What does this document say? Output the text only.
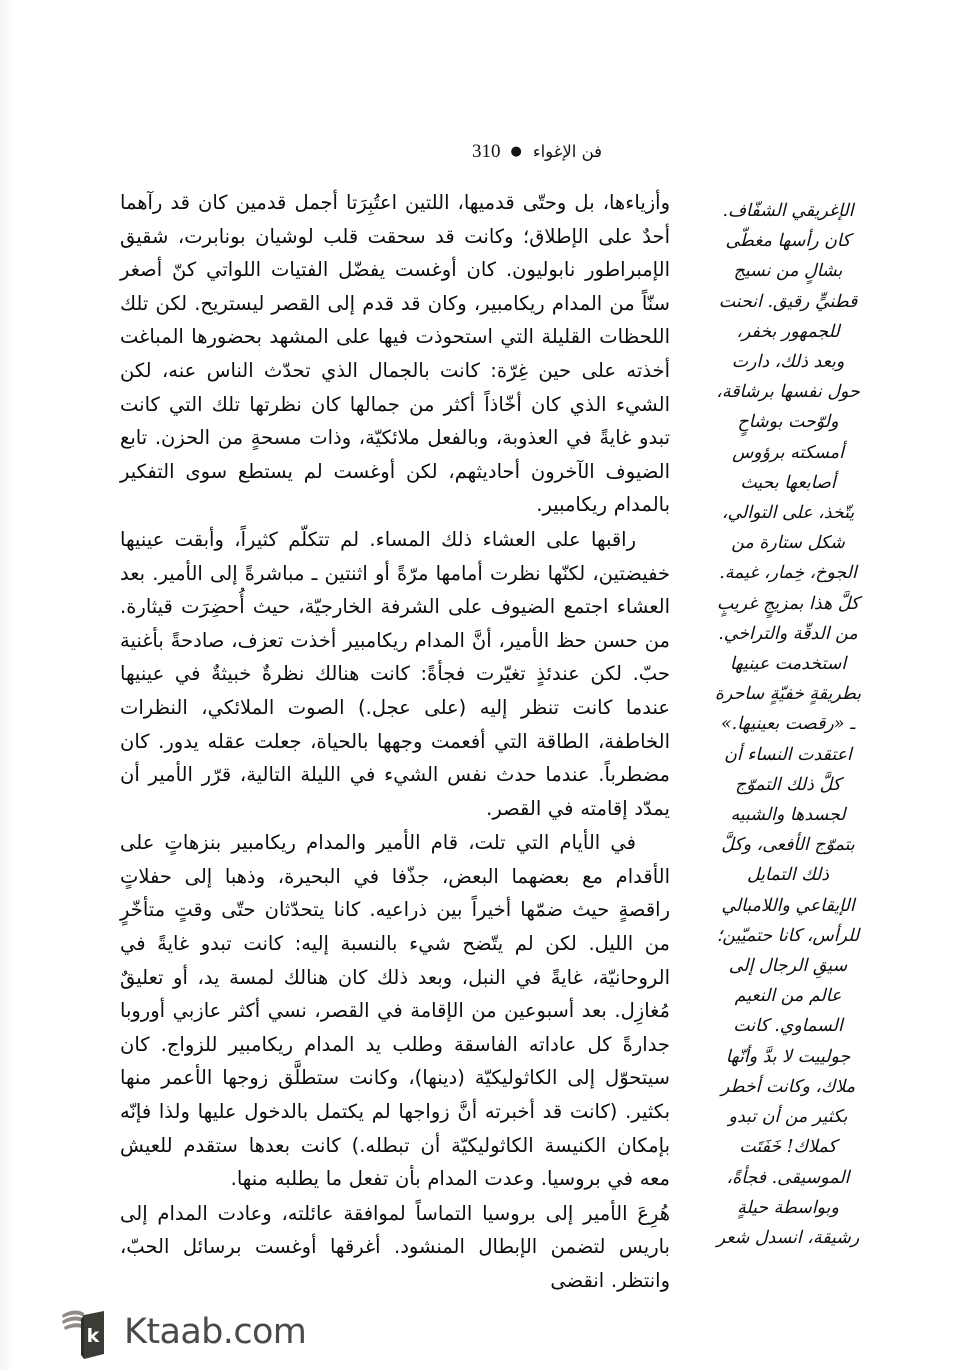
فن الإغواء●310

وأزياءها، بل وحتّى قدميها، اللتين اعتُبِرَتا أجمل قدمين كان قد رآهما أحدٌ على الإطلاق؛ وكانت قد سحقت قلب لوشيان بونابرت، شقيق الإمبراطور نابوليون. كان أوغست يفضّل الفتيات اللواتي كنّ أصغر سنّاً من المدام ريكامبير، وكان قد قدم إلى القصر ليستريح. لكن تلك اللحظات القليلة التي استحوذت فيها على المشهد بحضورها المباغت أخذته على حين غِرّة: كانت بالجمال الذي تحدّث الناس عنه، لكن الشيء الذي كان أخّاذاً أكثر من جمالها كان نظرتها تلك التي كانت تبدو غايةً في العذوبة، وبالفعل ملائكيّة، وذات مسحةٍ من الحزن. تابع الضيوف الآخرون أحاديثهم، لكن أوغست لم يستطع سوى التفكير بالمدام ريكامبير.

راقبها على العشاء ذلك المساء. لم تتكلّم كثيراً، وأبقت عينيها خفيضتين، لكنّها نظرت أمامها مرّةً أو اثنتين ـ مباشرةً إلى الأمير. بعد العشاء اجتمع الضيوف على الشرفة الخارجيّة، حيث أُحضِرَت قيثارة. من حسن حظ الأمير، أنَّ المدام ريكامبير أخذت تعزف، صادحةً بأغنية حبّ. لكن عندئذٍ تغيّرت فجأةً: كانت هنالك نظرةٌ خبيثةٌ في عينيها عندما كانت تنظر إليه (على عجل.) الصوت الملائكي، النظرات الخاطفة، الطاقة التي أفعمت وجهها بالحياة، جعلت عقله يدور. كان مضطرباً. عندما حدث نفس الشيء في الليلة التالية، قرّر الأمير أن يمدّد إقامته في القصر.

في الأيام التي تلت، قام الأمير والمدام ريكامبير بنزهاتٍ على الأقدام مع بعضهما البعض، جذّفا في البحيرة، وذهبا إلى حفلاتٍ راقصةٍ حيث ضمّها أخيراً بين ذراعيه. كانا يتحدّثان حتّى وقتٍ متأخّرٍ من الليل. لكن لم يتّضح شيء بالنسبة إليه: كانت تبدو غايةً في الروحانيّة، غايةً في النبل، وبعد ذلك كان هنالك لمسة يد، أو تعليقٌ مُغازِل. بعد أسبوعين من الإقامة في القصر، نسي أكثر عازبي أوروبا جدارةً كل عاداته الفاسقة وطلب يد المدام ريكامبير للزواج. كان سيتحوّل إلى الكاثوليكيّة (دينها)، وكانت ستطلَّق زوجها الأعمر منها بكثير. (كانت قد أخبرته أنَّ زواجها لم يكتمل بالدخول عليها ولذا فإنّه بإمكان الكنيسة الكاثوليكيّة أن تبطله.) كانت بعدها ستقدم للعيش معه في بروسيا. وعدت المدام بأن تفعل ما يطلبه منها.

هُرِعَ الأمير إلى بروسيا التماساً لموافقة عائلته، وعادت المدام إلى باريس لتضمن الإبطال المنشود. أغرقها أوغست برسائل الحبّ، وانتظر. انقضى

الإغريقي الشفّاف.

كان رأسها مغطّى

بشالٍ من نسيج

قطنيٍّ رقيق. انحنت

للجمهور بخفر،

وبعد ذلك، دارت

حول نفسها برشاقة،

ولوّحت بوشاحٍ

أمسكته برؤوس

أصابعها بحيث

يتّخذ، على التوالي،

شكل ستارة من

الجوخ، خِمار، غيمة.

كلَّ هذا بمزيجٍ غريبٍ

من الدقّة والتراخي.

استخدمت عينيها

بطريقةٍ خفيّةٍ ساحرة

ـ «رقصت بعينيها.»

اعتقدت النساء أن

كلَّ ذلك التموّج

لجسدها والشبيه

بتموّج الأفعى، وكلَّ

ذلك التمايل

الإيقاعي واللامبالي

للرأس، كانا حتميّين؛

سيقِ الرجال إلى

عالم من النعيم

السماوي. كانت

جولييت لا بدَّ وأنّها

ملاك، وكانت أخطر

بكثير من أن تبدو

كملاك! خَفَتَت

الموسيقى. فجأةً،

وبواسطة حيلةٍ

رشيقة، انسدل شعر

k Ktaab.com
